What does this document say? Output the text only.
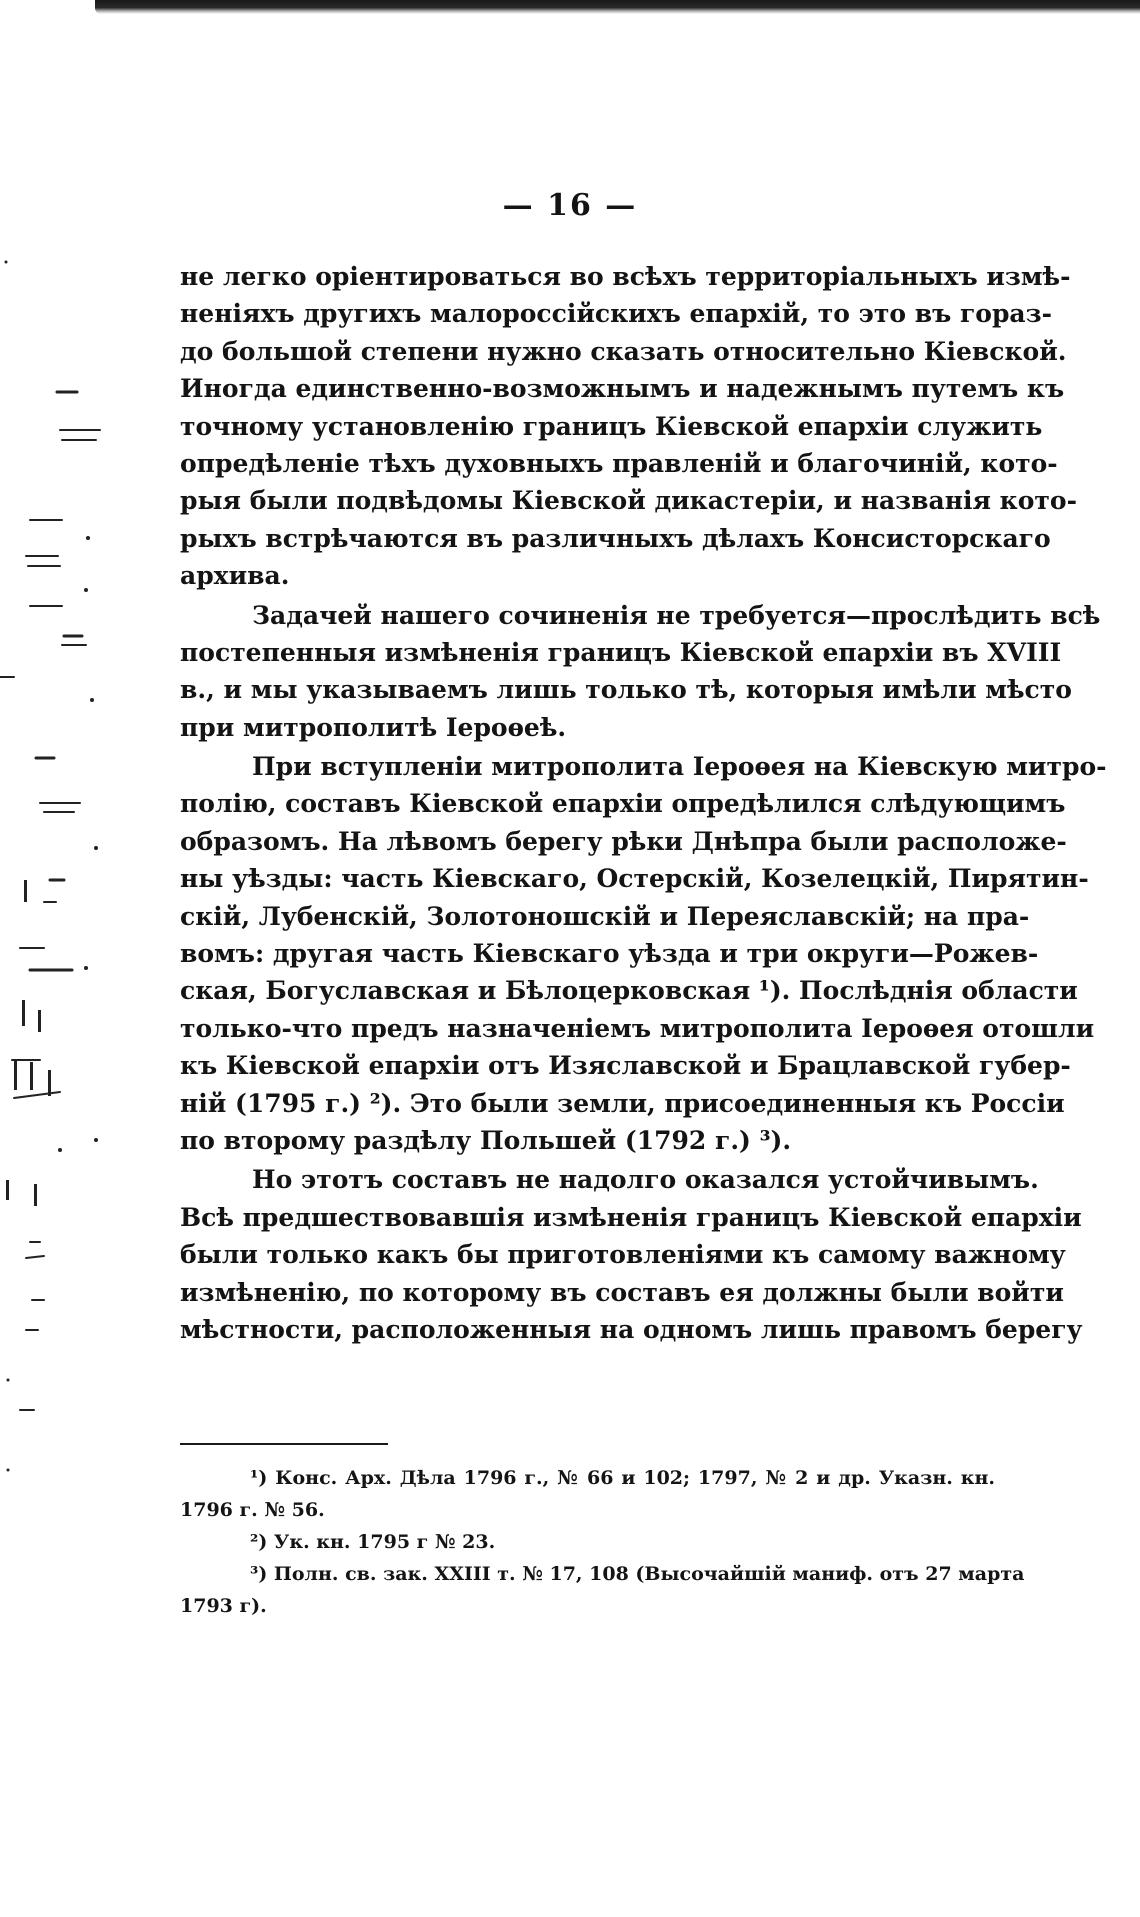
— 16 —
не легко оріентироваться во всѣхъ территоріальныхъ измѣ-
неніяхъ другихъ малороссійскихъ епархій, то это въ гораз-
до большой степени нужно сказать относительно Кіевской.
Иногда единственно-возможнымъ и надежнымъ путемъ къ
точному установленію границъ Кіевской епархіи служить
опредѣленіе тѣхъ духовныхъ правленій и благочиній, кото-
рыя были подвѣдомы Кіевской дикастеріи, и названія кото-
рыхъ встрѣчаются въ различныхъ дѣлахъ Консисторскаго
архива.
Задачей нашего сочиненія не требуется—прослѣдить всѣ
постепенныя измѣненія границъ Кіевской епархіи въ XVIII
в., и мы указываемъ лишь только тѣ, которыя имѣли мѣсто
при митрополитѣ Іероѳеѣ.
При вступленіи митрополита Іероѳея на Кіевскую митро-
полію, составъ Кіевской епархіи опредѣлился слѣдующимъ
образомъ. На лѣвомъ берегу рѣки Днѣпра были расположе-
ны уѣзды: часть Кіевскаго, Остерскій, Козелецкій, Пирятин-
скій, Лубенскій, Золотоношскій и Переяславскій; на пра-
вомъ: другая часть Кіевскаго уѣзда и три округи—Рожев-
ская, Богуславская и Бѣлоцерковская ¹). Послѣднія области
только-что предъ назначеніемъ митрополита Іероѳея отошли
къ Кіевской епархіи отъ Изяславской и Брацлавской губер-
ній (1795 г.) ²). Это были земли, присоединенныя къ Россіи
по второму раздѣлу Польшей (1792 г.) ³).
Но этотъ составъ не надолго оказался устойчивымъ.
Всѣ предшествовавшія измѣненія границъ Кіевской епархіи
были только какъ бы приготовленіями къ самому важному
измѣненію, по которому въ составъ ея должны были войти
мѣстности, расположенныя на одномъ лишь правомъ берегу
¹) Конс. Арх. Дѣла 1796 г., № 66 и 102; 1797, № 2 и др. Указн. кн.
1796 г. № 56.
²) Ук. кн. 1795 г № 23.
³) Полн. св. зак. XXIII т. № 17, 108 (Высочайшій маниф. отъ 27 марта
1793 г).
